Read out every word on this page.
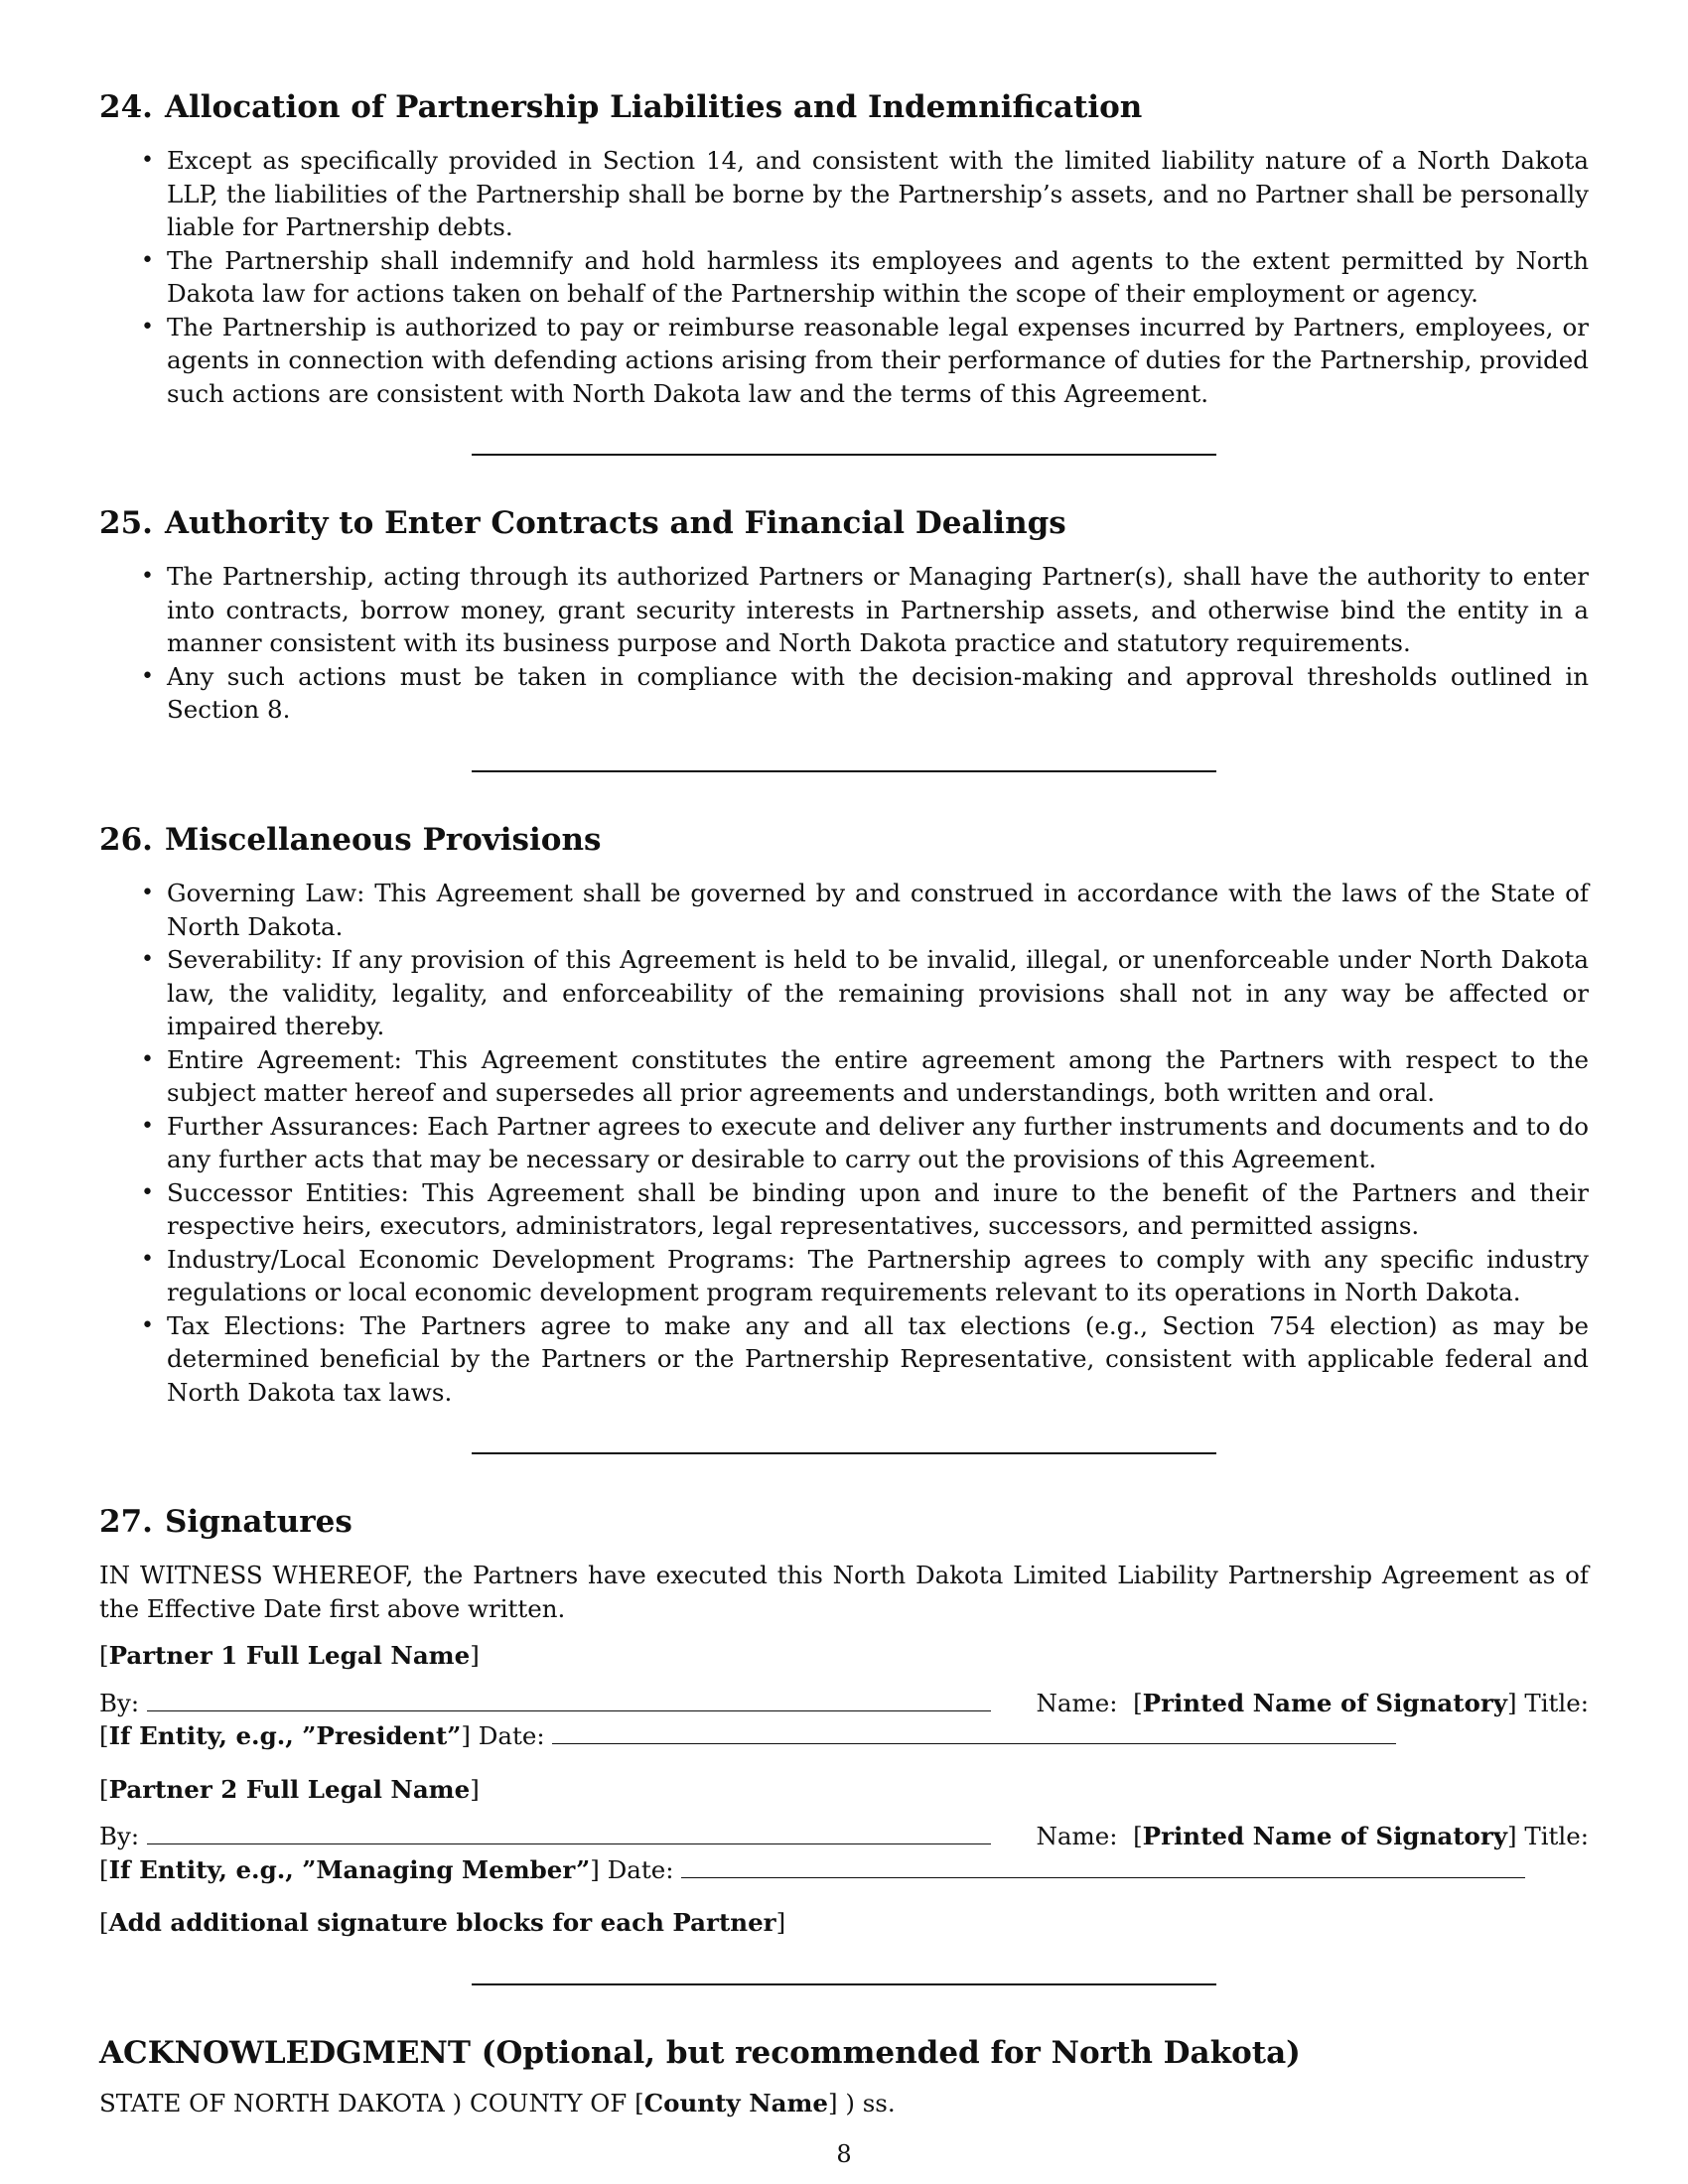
24. Allocation of Partnership Liabilities and Indemnification
• Except as specifically provided in Section 14, and consistent with the limited liability nature of a North Dakota LLP, the liabilities of the Partnership shall be borne by the Partnership’s assets, and no Partner shall be personally liable for Partnership debts.
• The Partnership shall indemnify and hold harmless its employees and agents to the extent permitted by North Dakota law for actions taken on behalf of the Partnership within the scope of their employment or agency.
• The Partnership is authorized to pay or reimburse reasonable legal expenses incurred by Partners, employees, or agents in connection with defending actions arising from their performance of duties for the Partnership, provided such actions are consistent with North Dakota law and the terms of this Agreement.
25. Authority to Enter Contracts and Financial Dealings
• The Partnership, acting through its authorized Partners or Managing Partner(s), shall have the authority to enter into contracts, borrow money, grant security interests in Partnership assets, and otherwise bind the entity in a manner consistent with its business purpose and North Dakota practice and statutory requirements.
• Any such actions must be taken in compliance with the decision-making and approval thresholds outlined in Section 8.
26. Miscellaneous Provisions
• Governing Law: This Agreement shall be governed by and construed in accordance with the laws of the State of North Dakota.
• Severability: If any provision of this Agreement is held to be invalid, illegal, or unenforceable under North Dakota law, the validity, legality, and enforceability of the remaining provisions shall not in any way be affected or impaired thereby.
• Entire Agreement: This Agreement constitutes the entire agreement among the Partners with respect to the subject matter hereof and supersedes all prior agreements and understandings, both written and oral.
• Further Assurances: Each Partner agrees to execute and deliver any further instruments and documents and to do any further acts that may be necessary or desirable to carry out the provisions of this Agreement.
• Successor Entities: This Agreement shall be binding upon and inure to the benefit of the Partners and their respective heirs, executors, administrators, legal representatives, successors, and permitted assigns.
• Industry/Local Economic Development Programs: The Partnership agrees to comply with any specific industry regulations or local economic development program requirements relevant to its operations in North Dakota.
• Tax Elections: The Partners agree to make any and all tax elections (e.g., Section 754 election) as may be determined beneficial by the Partners or the Partnership Representative, consistent with applicable federal and North Dakota tax laws.
27. Signatures

IN WITNESS WHEREOF, the Partners have executed this North Dakota Limited Liability Partnership Agreement as of the Effective Date first above written.

[Partner 1 Full Legal Name]

By:	Name:  [Printed Name of Signatory] Title:

[If Entity, e.g., ”President”] Date:

[Partner 2 Full Legal Name]

By:	Name:  [Printed Name of Signatory] Title:

[If Entity, e.g., ”Managing Member”] Date:

[Add additional signature blocks for each Partner]

ACKNOWLEDGMENT (Optional, but recommended for North Dakota)

STATE OF NORTH DAKOTA ) COUNTY OF [County Name] ) ss.

8
